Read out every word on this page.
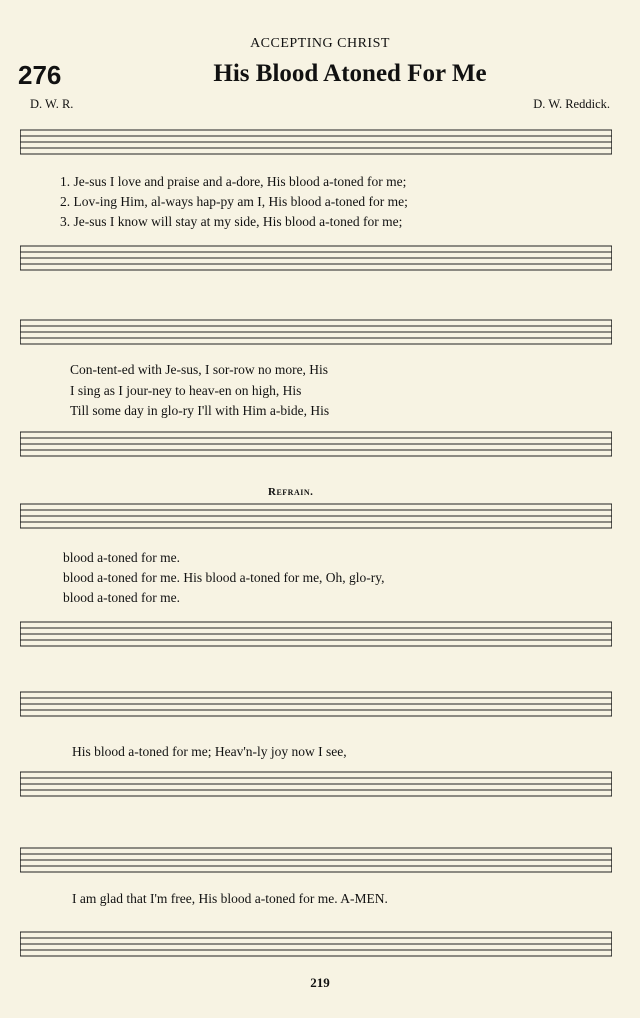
ACCEPTING CHRIST
276	His Blood Atoned For Me
D. W. R.	D. W. Reddick.
1. Je-sus I love and praise and a-dore, His blood a-toned for me;
2. Lov-ing Him, al-ways hap-py am I, His blood a-toned for me;
3. Je-sus I know will stay at my side, His blood a-toned for me;
Con-tent-ed with Je-sus, I sor-row no more, His
I sing as I jour-ney to heav-en on high, His
Till some day in glo-ry I'll with Him a-bide, His
Refrain.
blood a-toned for me.
blood a-toned for me. His blood a-toned for me, Oh, glo-ry,
blood a-toned for me.
His blood a-toned for me; Heav'n-ly joy now I see,
I am glad that I'm free, His blood a-toned for me. A-MEN.
219
